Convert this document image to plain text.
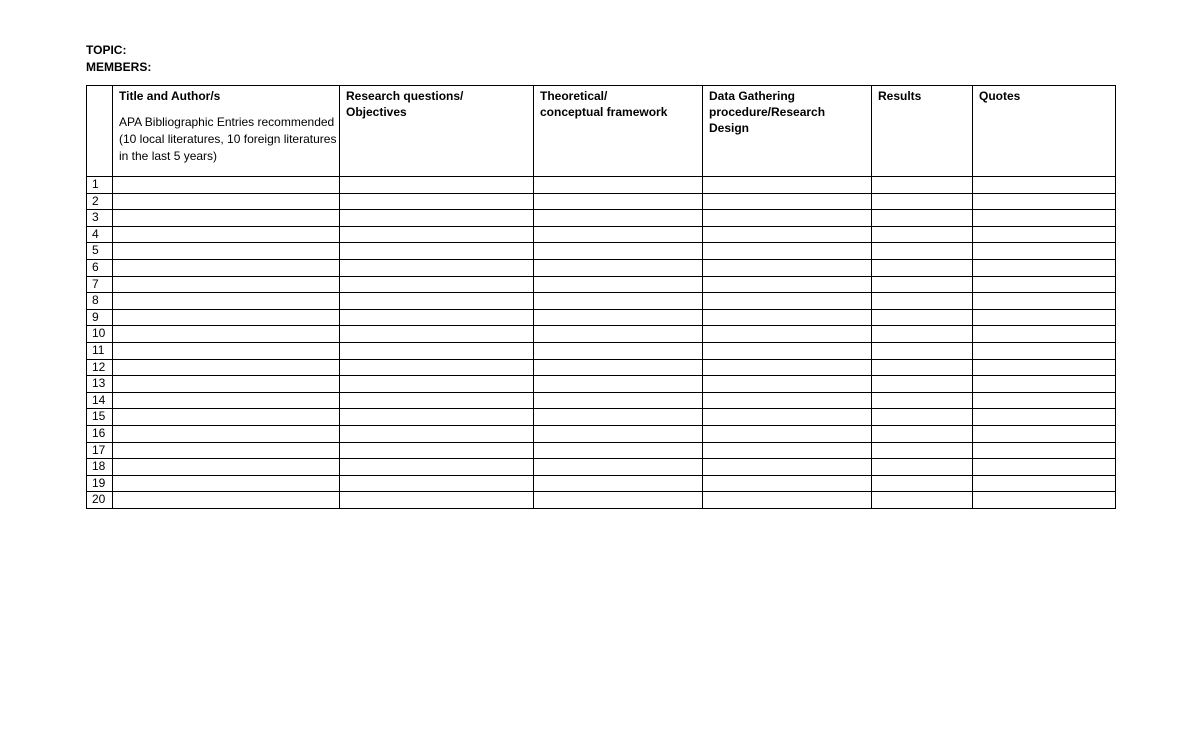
TOPIC:
MEMBERS:

	Title and Author/s
APA Bibliographic Entries recommended (10 local literatures, 10 foreign literatures in the last 5 years)	Research questions/ Objectives	Theoretical/
conceptual framework	Data Gathering
procedure/Research Design	Results	Quotes

1						
2						
3						
4						
5						
6						
7						
8						
9						
10						
11						
12						
13						
14						
15						
16						
17						
18						
19						
20						
